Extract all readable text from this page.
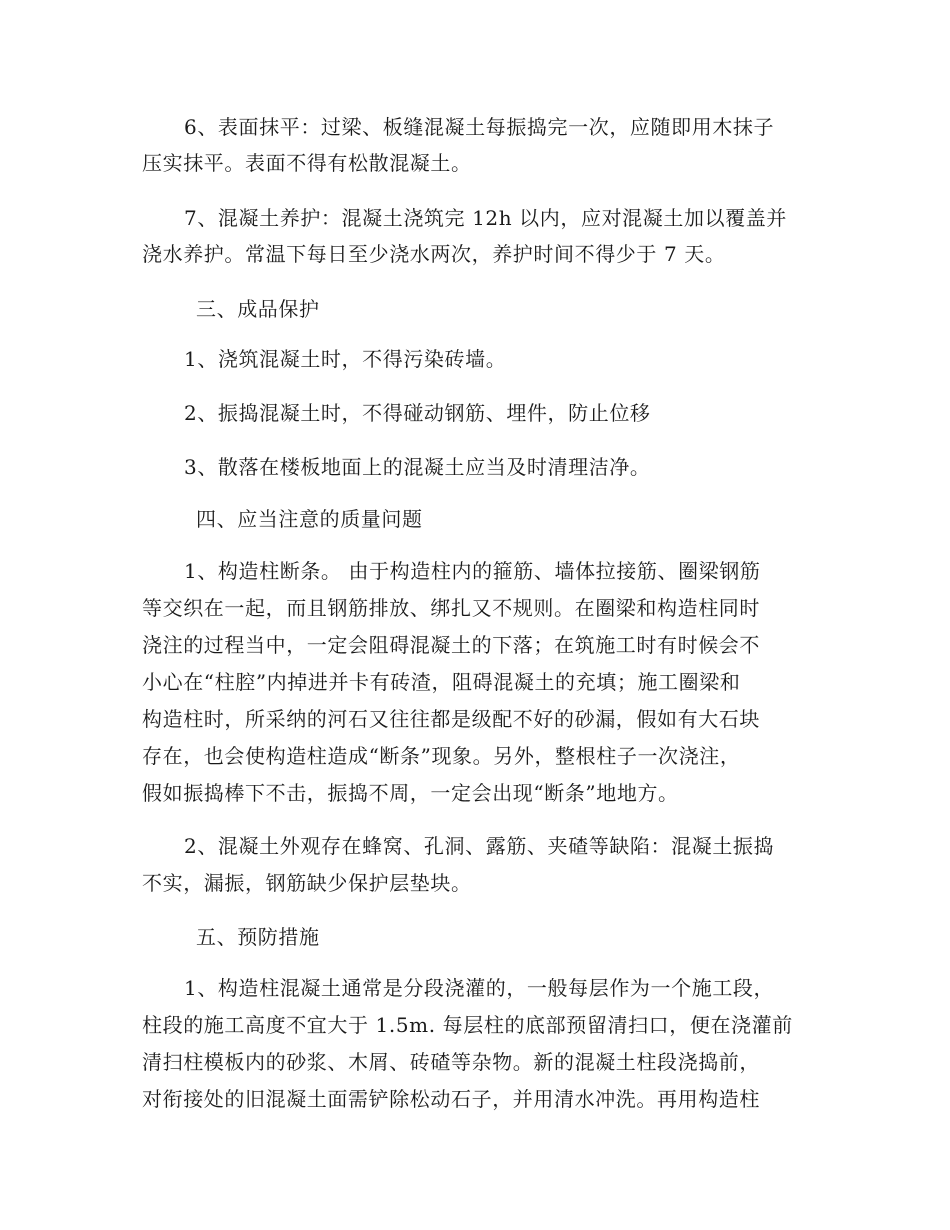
6、表面抹平：过梁、板缝混凝土每振捣完一次，应随即用木抹子
压实抹平。表面不得有松散混凝土。
7、混凝土养护：混凝土浇筑完 12h 以内，应对混凝土加以覆盖并
浇水养护。常温下每日至少浇水两次，养护时间不得少于 7 天。
三、成品保护
1、浇筑混凝土时，不得污染砖墙。
2、振捣混凝土时，不得碰动钢筋、埋件，防止位移
3、散落在楼板地面上的混凝土应当及时清理洁净。
四、应当注意的质量问题
1、构造柱断条。 由于构造柱内的箍筋、墙体拉接筋、圈梁钢筋
等交织在一起，而且钢筋排放、绑扎又不规则。在圈梁和构造柱同时
浇注的过程当中，一定会阻碍混凝土的下落；在筑施工时有时候会不
小心在“柱腔”内掉进并卡有砖渣，阻碍混凝土的充填；施工圈梁和
构造柱时，所采纳的河石又往往都是级配不好的砂漏，假如有大石块
存在，也会使构造柱造成“断条”现象。另外，整根柱子一次浇注，
假如振捣棒下不击，振捣不周，一定会出现“断条”地地方。
2、混凝土外观存在蜂窝、孔洞、露筋、夹碴等缺陷：混凝土振捣
不实，漏振，钢筋缺少保护层垫块。
五、预防措施
1、构造柱混凝土通常是分段浇灌的，一般每层作为一个施工段，
柱段的施工高度不宜大于 1.5m. 每层柱的底部预留清扫口，便在浇灌前
清扫柱模板内的砂浆、木屑、砖碴等杂物。新的混凝土柱段浇捣前，
对衔接处的旧混凝土面需铲除松动石子，并用清水冲洗。再用构造柱
